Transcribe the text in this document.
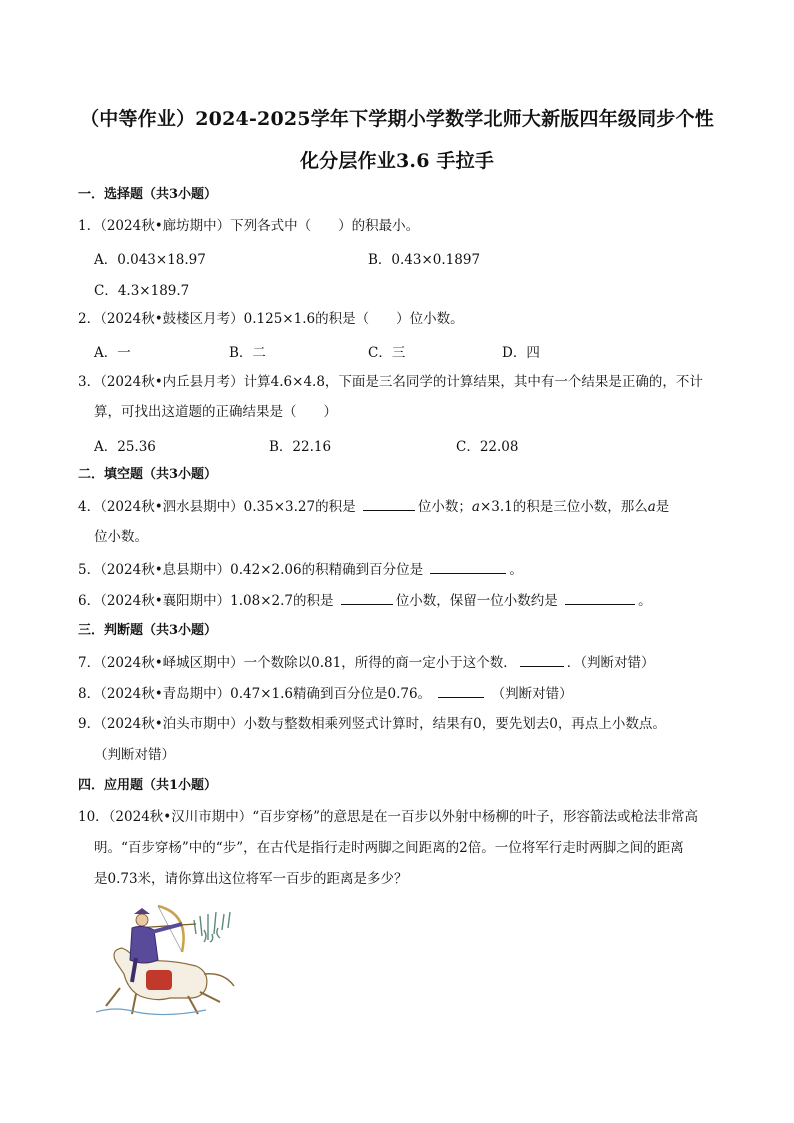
（中等作业）2024-2025学年下学期小学数学北师大新版四年级同步个性
化分层作业3.6 手拉手
一．选择题（共3小题）
1．（2024秋•廊坊期中）下列各式中（　　）的积最小。
A．0.043×18.97	B．0.43×0.1897
C．4.3×189.7
2．（2024秋•鼓楼区月考）0.125×1.6的积是（　　）位小数。
A．一	B．二	C．三	D．四
3．（2024秋•内丘县月考）计算4.6×4.8，下面是三名同学的计算结果，其中有一个结果是正确的，不计
算，可找出这道题的正确结果是（　　）
A．25.36	B．22.16	C．22.08
二．填空题（共3小题）
4．（2024秋•泗水县期中）0.35×3.27的积是	位小数；a×3.1的积是三位小数，那么a是
位小数。
5．（2024秋•息县期中）0.42×2.06的积精确到百分位是	。
6．（2024秋•襄阳期中）1.08×2.7的积是	位小数，保留一位小数约是	。
三．判断题（共3小题）
7．（2024秋•峄城区期中）一个数除以0.81，所得的商一定小于这个数．	．（判断对错）
8．（2024秋•青岛期中）0.47×1.6精确到百分位是0.76。	（判断对错）
9．（2024秋•泊头市期中）小数与整数相乘列竖式计算时，结果有0，要先划去0，再点上小数点。
（判断对错）
四．应用题（共1小题）
10．（2024秋•汉川市期中）“百步穿杨”的意思是在一百步以外射中杨柳的叶子，形容箭法或枪法非常高
明。“百步穿杨”中的“步”，在古代是指行走时两脚之间距离的2倍。一位将军行走时两脚之间的距离
是0.73米，请你算出这位将军一百步的距离是多少？
